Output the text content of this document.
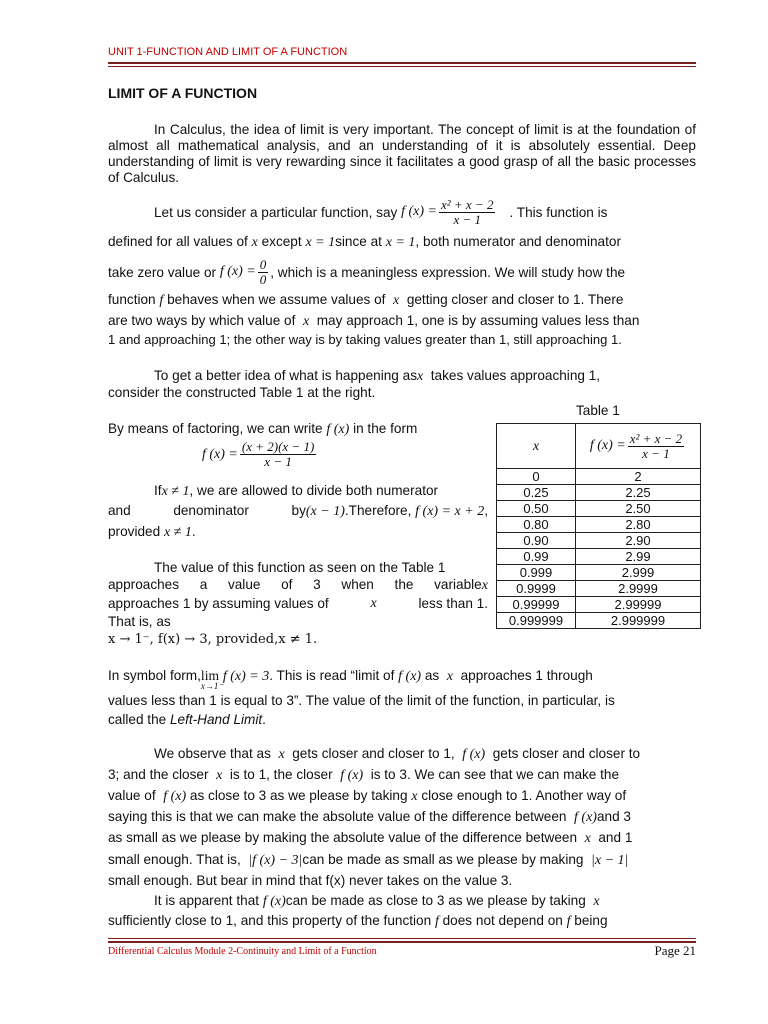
UNIT 1-FUNCTION AND LIMIT OF A FUNCTION
LIMIT OF A FUNCTION
In Calculus, the idea of limit is very important. The concept of limit is at the foundation of almost all mathematical analysis, and an understanding of it is absolutely essential. Deep understanding of limit is very rewarding since it facilitates a good grasp of all the basic processes of Calculus.
Let us consider a particular function, say
f $(x) = \frac{\text{x² + x − 2}}{x - 1}$ . This function is
defined for all values of x except x = 1since at x = 1, both numerator and denominator
take zero value or
f $(x) = \frac{0}{0}$ , which is a meaningless expression. We will study how the
function f behaves when we assume values of x getting closer and closer to 1. There
are two ways by which value of x may approach 1, one is by assuming values less than
1 and approaching 1; the other way is by taking values greater than 1, still approaching 1.
To get a better idea of what is happening asx takes values approaching 1,
consider the constructed Table 1 at the right.
Table 1
x	f $(x) = \frac{\text{x² + x − 2}}{x - 1}$

0	2
0.25	2.25
0.50	2.50
0.80	2.80
0.90	2.90
0.99	2.99
0.999	2.999
0.9999	2.9999
0.99999	2.99999
0.999999	2.999999
By means of factoring, we can write f (x) in the form
f $(x) = \frac{(x + 2)(x - 1)}{x - 1}$
Ifx ≠ 1, we are allowed to divide both numerator
and	denominator	by(x − 1).Therefore, f (x) = x + 2,
provided x ≠ 1.
The value of this function as seen on the Table 1
approaches a value of 3 when the variablex
approaches 1 by assuming values of	x	less than 1.
That is, as
x → 1⁻, f(x) → 3, provided,x ≠ 1.
In symbol form,lim
x→1⁻
f (x) = 3. This is read “limit of f (x) as x approaches 1 through
values less than 1 is equal to 3”. The value of the limit of the function, in particular, is
called the Left-Hand Limit.
We observe that as x gets closer and closer to 1, f (x) gets closer and closer to
3; and the closer x is to 1, the closer f (x) is to 3. We can see that we can make the
value of f (x) as close to 3 as we please by taking x close enough to 1. Another way of
saying this is that we can make the absolute value of the difference between f (x)and 3
as small as we please by making the absolute value of the difference between x and 1
small enough. That is, |f (x) − 3|can be made as small as we please by making |x − 1|
small enough. But bear in mind that f(x) never takes on the value 3.
It is apparent that f (x)can be made as close to 3 as we please by taking x
sufficiently close to 1, and this property of the function f does not depend on f being
Differential Calculus Module 2-Continuity and Limit of a Function	Page 21
